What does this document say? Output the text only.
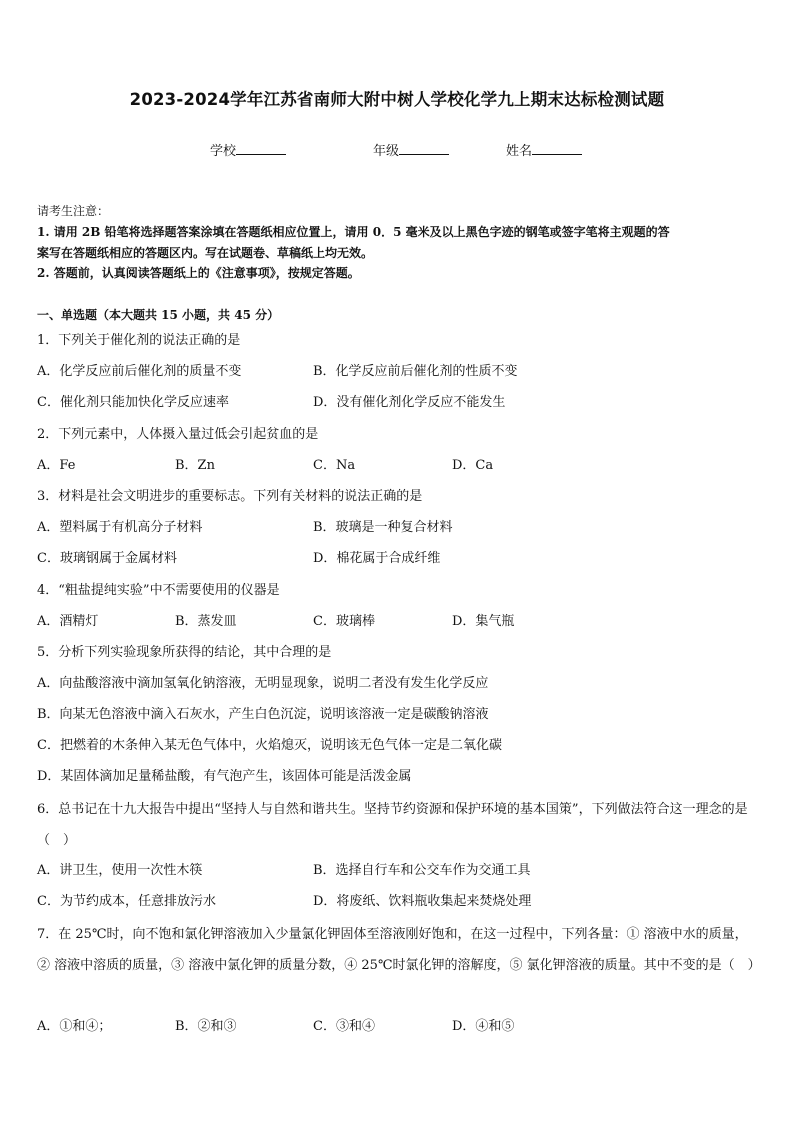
2023-2024学年江苏省南师大附中树人学校化学九上期末达标检测试题
学校	年级	姓名
请考生注意：
1. 请用 2B 铅笔将选择题答案涂填在答题纸相应位置上，请用 0．5 毫米及以上黑色字迹的钢笔或签字笔将主观题的答
案写在答题纸相应的答题区内。写在试题卷、草稿纸上均无效。
2. 答题前，认真阅读答题纸上的《注意事项》，按规定答题。
一、单选题（本大题共 15 小题，共 45 分）
1．下列关于催化剂的说法正确的是
A．化学反应前后催化剂的质量不变	B．化学反应前后催化剂的性质不变
C．催化剂只能加快化学反应速率	D．没有催化剂化学反应不能发生
2．下列元素中，人体摄入量过低会引起贫血的是
A．Fe	B．Zn	C．Na	D．Ca
3．材料是社会文明进步的重要标志。下列有关材料的说法正确的是
A．塑料属于有机高分子材料	B．玻璃是一种复合材料
C．玻璃钢属于金属材料	D．棉花属于合成纤维
4．“粗盐提纯实验”中不需要使用的仪器是
A．酒精灯	B．蒸发皿	C．玻璃棒	D．集气瓶
5．分析下列实验现象所获得的结论，其中合理的是
A．向盐酸溶液中滴加氢氧化钠溶液，无明显现象，说明二者没有发生化学反应
B．向某无色溶液中滴入石灰水，产生白色沉淀，说明该溶液一定是碳酸钠溶液
C．把燃着的木条伸入某无色气体中，火焰熄灭，说明该无色气体一定是二氧化碳
D．某固体滴加足量稀盐酸，有气泡产生，该固体可能是活泼金属
6．总书记在十九大报告中提出“坚持人与自然和谐共生。坚持节约资源和保护环境的基本国策”，下列做法符合这一理念的是（　）
A．讲卫生，使用一次性木筷	B．选择自行车和公交车作为交通工具
C．为节约成本，任意排放污水	D．将废纸、饮料瓶收集起来焚烧处理
7．在 25℃时，向不饱和氯化钾溶液加入少量氯化钾固体至溶液刚好饱和，在这一过程中，下列各量：① 溶液中水的质量，② 溶液中溶质的质量，③ 溶液中氯化钾的质量分数，④ 25℃时氯化钾的溶解度，⑤ 氯化钾溶液的质量。其中不变的是（　）
A．①和④；	B．②和③	C．③和④	D．④和⑤
